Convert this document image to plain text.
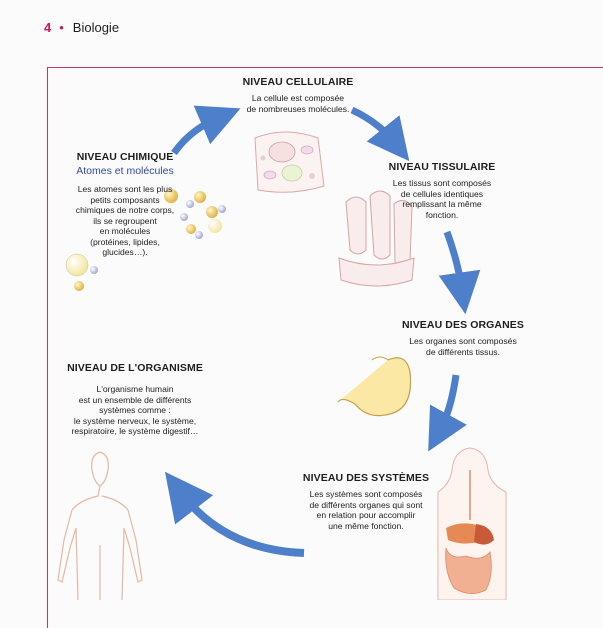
4 • Biologie
NIVEAU CELLULAIRE
La cellule est composée
de nombreuses molécules.
NIVEAU CHIMIQUE
Atomes et molécules
Les atomes sont les plus
petits composants
chimiques de notre corps,
ils se regroupent
en molécules
(protéines, lipides,
glucides…).
NIVEAU TISSULAIRE
Les tissus sont composés
de cellules identiques
remplissant la même
fonction.
NIVEAU DES ORGANES
Les organes sont composés
de différents tissus.
NIVEAU DE L'ORGANISME
L'organisme humain
est un ensemble de différents
systèmes comme :
le système nerveux, le système,
respiratoire, le système digestif…
NIVEAU DES SYSTÈMES
Les systèmes sont composés
de différents organes qui sont
en relation pour accomplir
une même fonction.
